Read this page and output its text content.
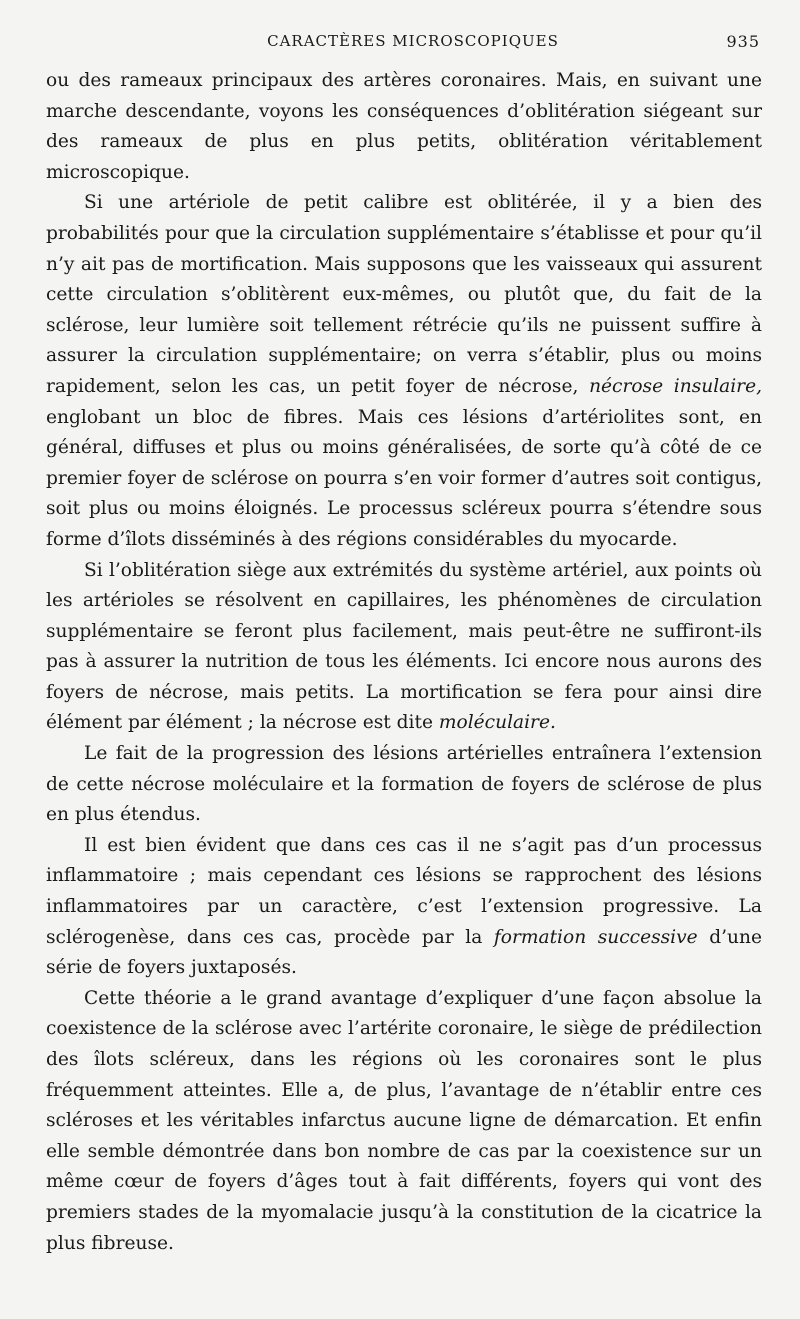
CARACTÈRES MICROSCOPIQUES	935

ou des rameaux principaux des artères coronaires. Mais, en suivant une marche descendante, voyons les conséquences d’oblitération siégeant sur des rameaux de plus en plus petits, oblitération véritablement microscopique.

Si une artériole de petit calibre est oblitérée, il y a bien des probabilités pour que la circulation supplémentaire s’établisse et pour qu’il n’y ait pas de mortification. Mais supposons que les vaisseaux qui assurent cette circulation s’oblitèrent eux-mêmes, ou plutôt que, du fait de la sclérose, leur lumière soit tellement rétrécie qu’ils ne puissent suffire à assurer la circulation supplémentaire; on verra s’établir, plus ou moins rapidement, selon les cas, un petit foyer de nécrose, nécrose insulaire, englobant un bloc de fibres. Mais ces lésions d’artériolites sont, en général, diffuses et plus ou moins généralisées, de sorte qu’à côté de ce premier foyer de sclérose on pourra s’en voir former d’autres soit contigus, soit plus ou moins éloignés. Le processus scléreux pourra s’étendre sous forme d’îlots disséminés à des régions considérables du myocarde.

Si l’oblitération siège aux extrémités du système artériel, aux points où les artérioles se résolvent en capillaires, les phénomènes de circulation supplémentaire se feront plus facilement, mais peut-être ne suffiront-ils pas à assurer la nutrition de tous les éléments. Ici encore nous aurons des foyers de nécrose, mais petits. La mortification se fera pour ainsi dire élément par élément ; la nécrose est dite moléculaire.

Le fait de la progression des lésions artérielles entraînera l’extension de cette nécrose moléculaire et la formation de foyers de sclérose de plus en plus étendus.

Il est bien évident que dans ces cas il ne s’agit pas d’un processus inflammatoire ; mais cependant ces lésions se rapprochent des lésions inflammatoires par un caractère, c’est l’extension progressive. La sclérogenèse, dans ces cas, procède par la formation successive d’une série de foyers juxtaposés.

Cette théorie a le grand avantage d’expliquer d’une façon absolue la coexistence de la sclérose avec l’artérite coronaire, le siège de prédilection des îlots scléreux, dans les régions où les coronaires sont le plus fréquemment atteintes. Elle a, de plus, l’avantage de n’établir entre ces scléroses et les véritables infarctus aucune ligne de démarcation. Et enfin elle semble démontrée dans bon nombre de cas par la coexistence sur un même cœur de foyers d’âges tout à fait différents, foyers qui vont des premiers stades de la myomalacie jusqu’à la constitution de la cicatrice la plus fibreuse.
